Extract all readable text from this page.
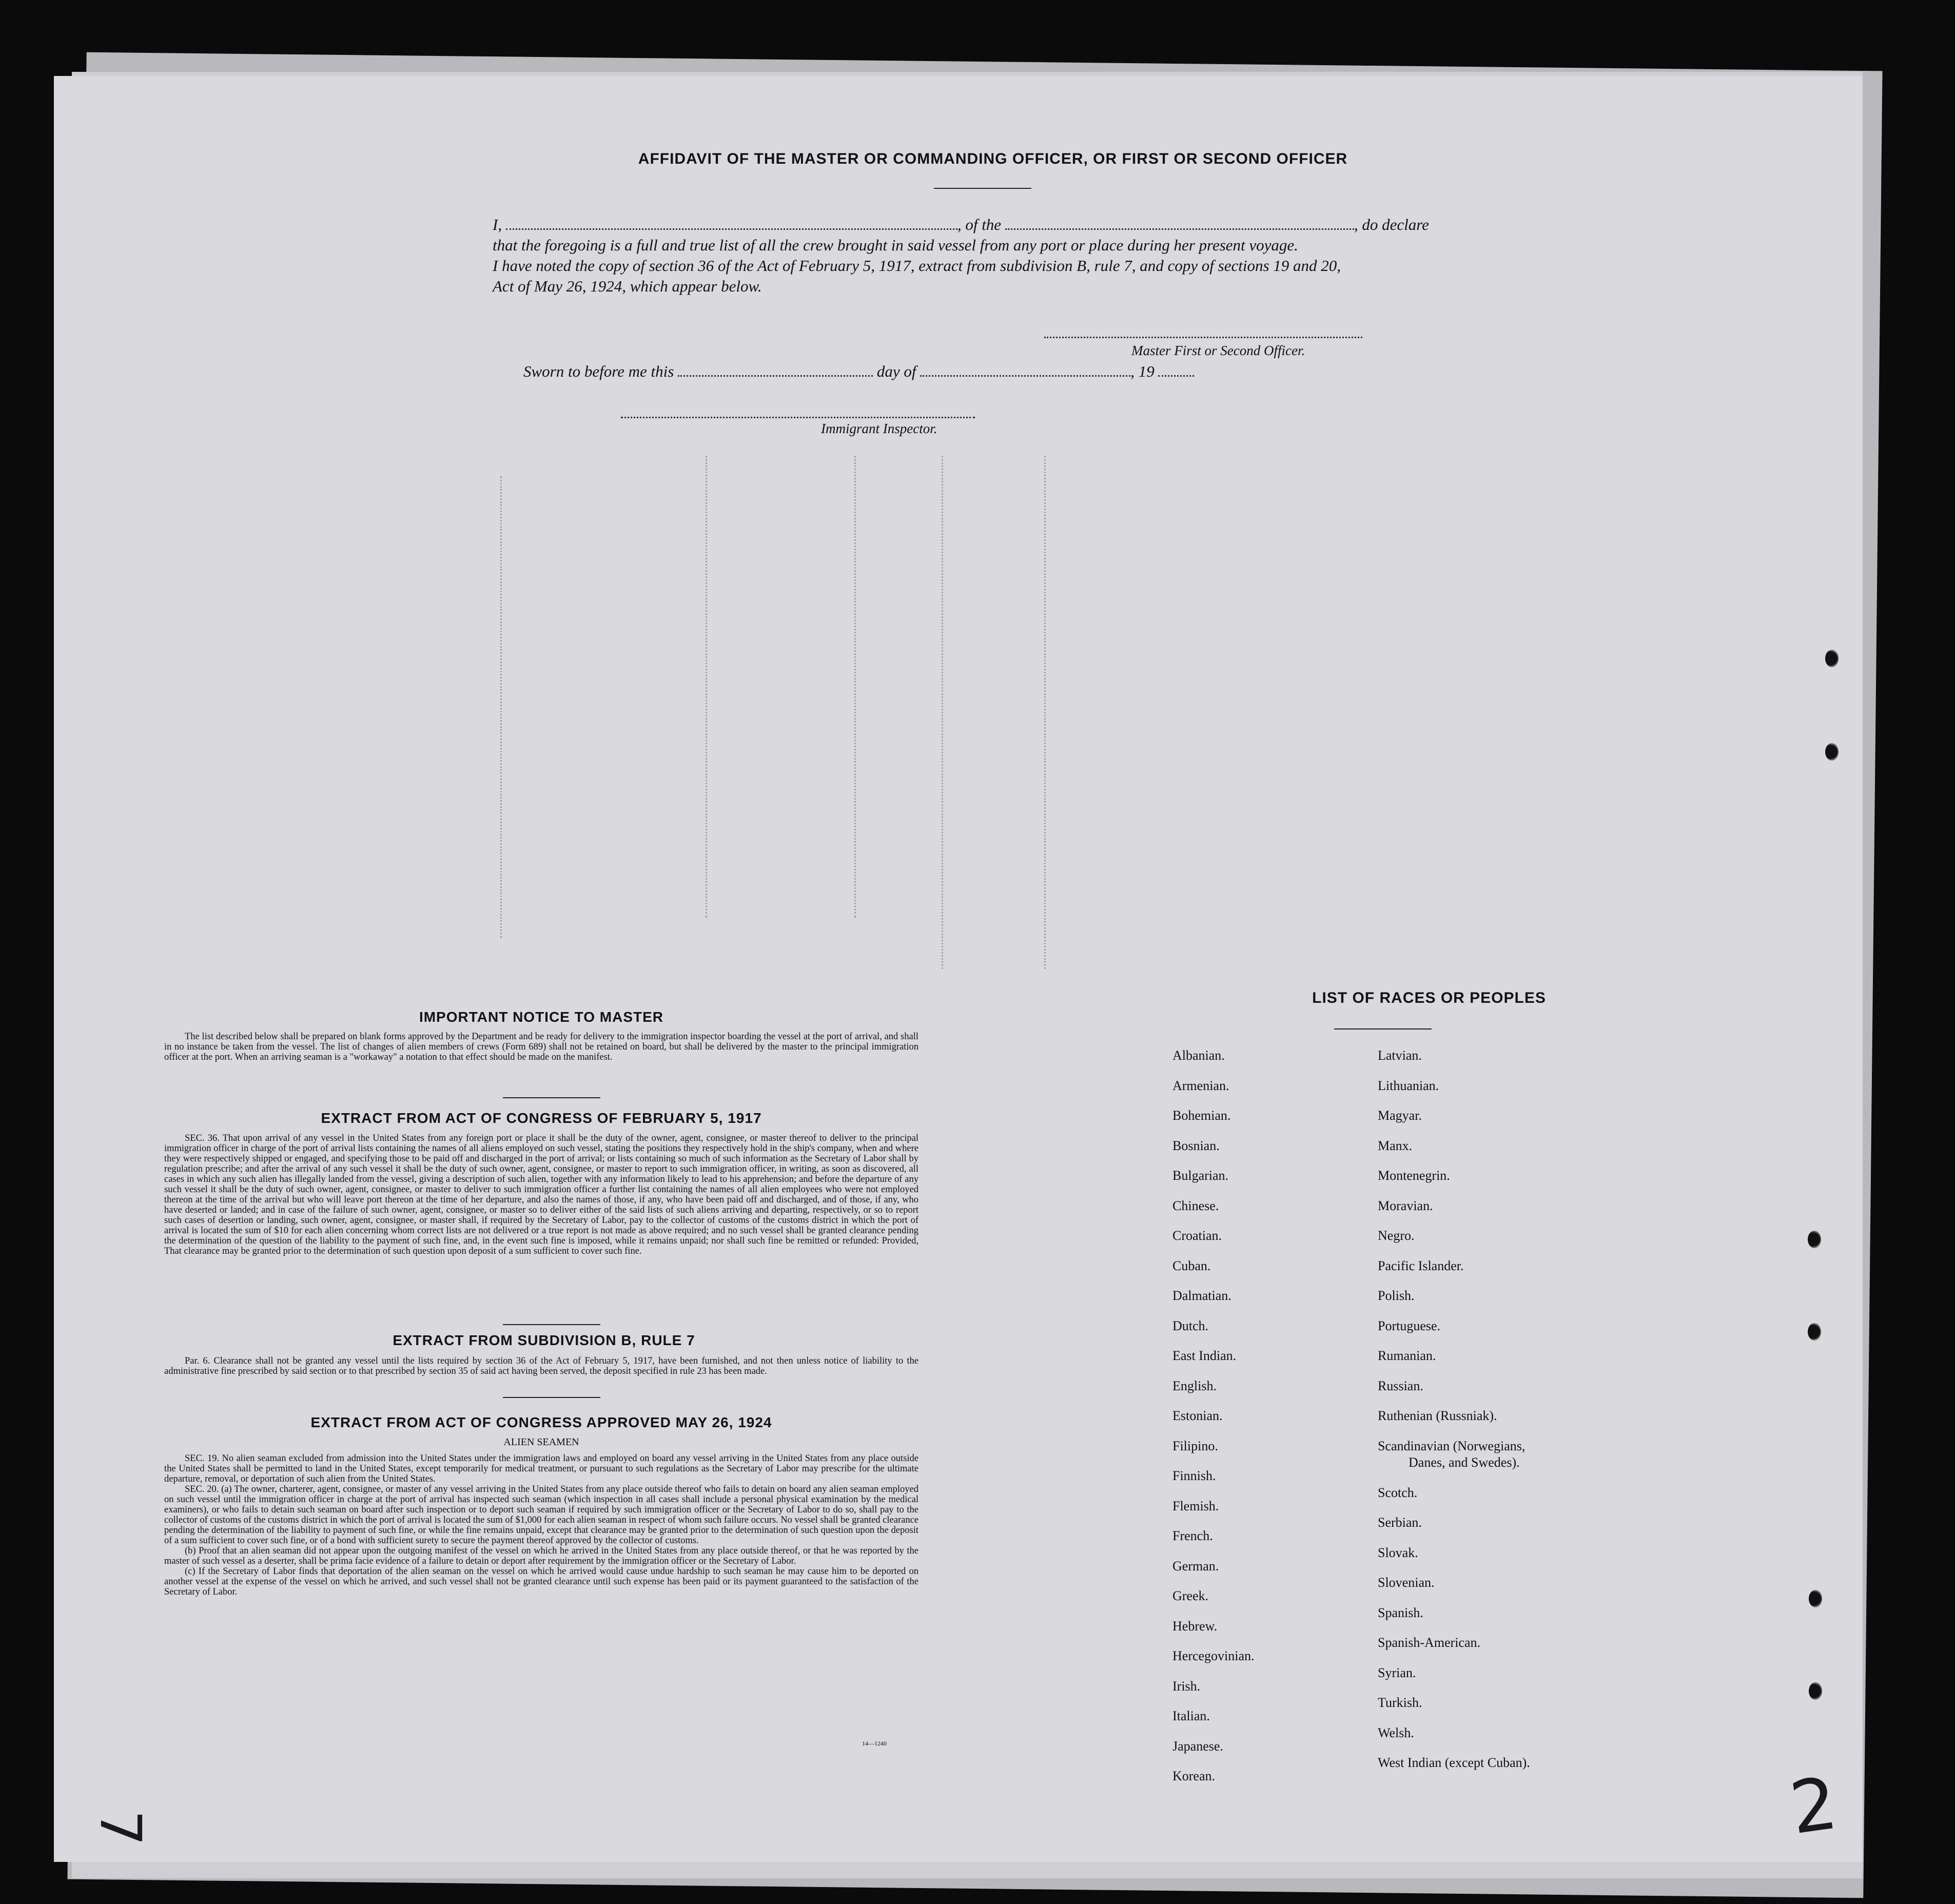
AFFIDAVIT OF THE MASTER OR COMMANDING OFFICER, OR FIRST OR SECOND OFFICER
I,	, of the	, do declare
that the foregoing is a full and true list of all the crew brought in said vessel from any port or place during her present voyage.
I have noted the copy of section 36 of the Act of February 5, 1917, extract from subdivision B, rule 7, and copy of sections 19 and 20,
Act of May 26, 1924, which appear below.
Master First or Second Officer.
Sworn to before me this	day of	, 19
Immigrant Inspector.
IMPORTANT NOTICE TO MASTER

The list described below shall be prepared on blank forms approved by the Department and be ready for delivery to the immigration inspector boarding the vessel at the port of arrival, and shall in no instance be taken from the vessel. The list of changes of alien members of crews (Form 689) shall not be retained on board, but shall be delivered by the master to the principal immigration officer at the port. When an arriving seaman is a "workaway" a notation to that effect should be made on the manifest.

EXTRACT FROM ACT OF CONGRESS OF FEBRUARY 5, 1917

SEC. 36. That upon arrival of any vessel in the United States from any foreign port or place it shall be the duty of the owner, agent, consignee, or master thereof to deliver to the principal immigration officer in charge of the port of arrival lists containing the names of all aliens employed on such vessel, stating the positions they respectively hold in the ship's company, when and where they were respectively shipped or engaged, and specifying those to be paid off and discharged in the port of arrival; or lists containing so much of such information as the Secretary of Labor shall by regulation prescribe; and after the arrival of any such vessel it shall be the duty of such owner, agent, consignee, or master to report to such immigration officer, in writing, as soon as discovered, all cases in which any such alien has illegally landed from the vessel, giving a description of such alien, together with any information likely to lead to his apprehension; and before the departure of any such vessel it shall be the duty of such owner, agent, consignee, or master to deliver to such immigration officer a further list containing the names of all alien employees who were not employed thereon at the time of the arrival but who will leave port thereon at the time of her departure, and also the names of those, if any, who have been paid off and discharged, and of those, if any, who have deserted or landed; and in case of the failure of such owner, agent, consignee, or master so to deliver either of the said lists of such aliens arriving and departing, respectively, or so to report such cases of desertion or landing, such owner, agent, consignee, or master shall, if required by the Secretary of Labor, pay to the collector of customs of the customs district in which the port of arrival is located the sum of $10 for each alien concerning whom correct lists are not delivered or a true report is not made as above required; and no such vessel shall be granted clearance pending the determination of the question of the liability to the payment of such fine, and, in the event such fine is imposed, while it remains unpaid; nor shall such fine be remitted or refunded: Provided, That clearance may be granted prior to the determination of such question upon deposit of a sum sufficient to cover such fine.

EXTRACT FROM SUBDIVISION B, RULE 7

Par. 6. Clearance shall not be granted any vessel until the lists required by section 36 of the Act of February 5, 1917, have been furnished, and not then unless notice of liability to the administrative fine prescribed by said section or to that prescribed by section 35 of said act having been served, the deposit specified in rule 23 has been made.

EXTRACT FROM ACT OF CONGRESS APPROVED MAY 26, 1924
ALIEN SEAMEN

SEC. 19. No alien seaman excluded from admission into the United States under the immigration laws and employed on board any vessel arriving in the United States from any place outside the United States shall be permitted to land in the United States, except temporarily for medical treatment, or pursuant to such regulations as the Secretary of Labor may prescribe for the ultimate departure, removal, or deportation of such alien from the United States.

SEC. 20. (a) The owner, charterer, agent, consignee, or master of any vessel arriving in the United States from any place outside thereof who fails to detain on board any alien seaman employed on such vessel until the immigration officer in charge at the port of arrival has inspected such seaman (which inspection in all cases shall include a personal physical examination by the medical examiners), or who fails to detain such seaman on board after such inspection or to deport such seaman if required by such immigration officer or the Secretary of Labor to do so, shall pay to the collector of customs of the customs district in which the port of arrival is located the sum of $1,000 for each alien seaman in respect of whom such failure occurs. No vessel shall be granted clearance pending the determination of the liability to payment of such fine, or while the fine remains unpaid, except that clearance may be granted prior to the determination of such question upon the deposit of a sum sufficient to cover such fine, or of a bond with sufficient surety to secure the payment thereof approved by the collector of customs.

(b) Proof that an alien seaman did not appear upon the outgoing manifest of the vessel on which he arrived in the United States from any place outside thereof, or that he was reported by the master of such vessel as a deserter, shall be prima facie evidence of a failure to detain or deport after requirement by the immigration officer or the Secretary of Labor.

(c) If the Secretary of Labor finds that deportation of the alien seaman on the vessel on which he arrived would cause undue hardship to such seaman he may cause him to be deported on another vessel at the expense of the vessel on which he arrived, and such vessel shall not be granted clearance until such expense has been paid or its payment guaranteed to the satisfaction of the Secretary of Labor.

14—1240
LIST OF RACES OR PEOPLES
Albanian.
Armenian.
Bohemian.
Bosnian.
Bulgarian.
Chinese.
Croatian.
Cuban.
Dalmatian.
Dutch.
East Indian.
English.
Estonian.
Filipino.
Finnish.
Flemish.
French.
German.
Greek.
Hebrew.
Hercegovinian.
Irish.
Italian.
Japanese.
Korean.
Latvian.
Lithuanian.
Magyar.
Manx.
Montenegrin.
Moravian.
Negro.
Pacific Islander.
Polish.
Portuguese.
Rumanian.
Russian.
Ruthenian (Russniak).
Scandinavian (Norwegians,
Danes, and Swedes).
Scotch.
Serbian.
Slovak.
Slovenian.
Spanish.
Spanish-American.
Syrian.
Turkish.
Welsh.
West Indian (except Cuban).
7	2
